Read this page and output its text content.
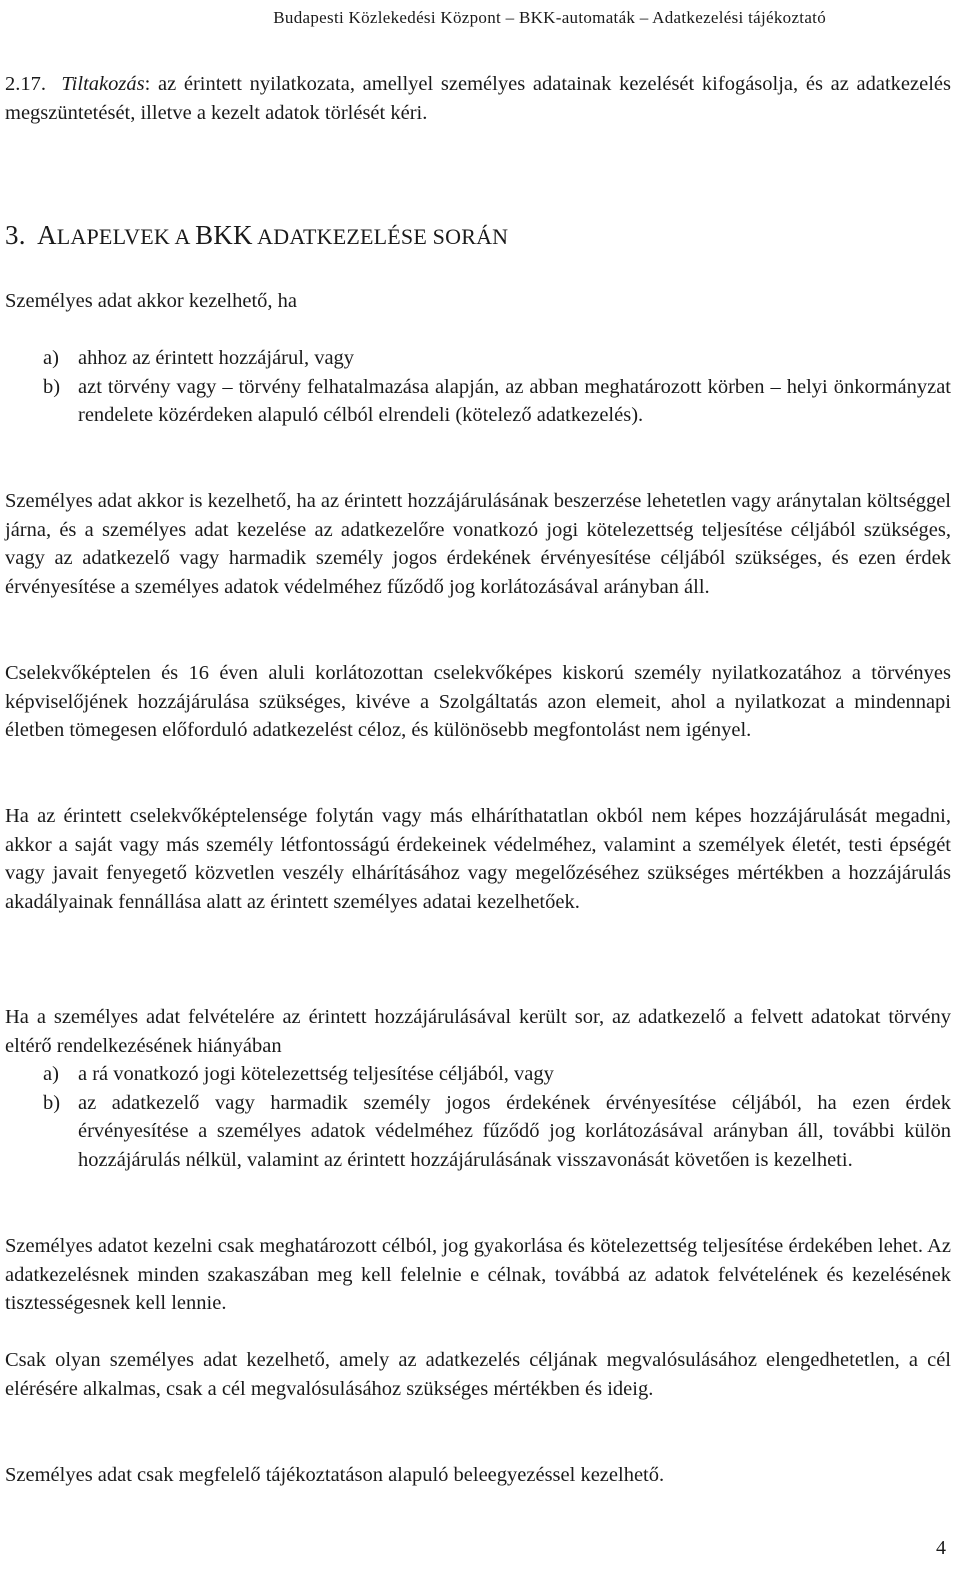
Budapesti Közlekedési Központ – BKK-automaták – Adatkezelési tájékoztató
2.17. Tiltakozás: az érintett nyilatkozata, amellyel személyes adatainak kezelését kifogásolja, és az adatkezelés megszüntetését, illetve a kezelt adatok törlését kéri.
3. ALAPELVEK A BKK ADATKEZELÉSE SORÁN
Személyes adat akkor kezelhető, ha
a) ahhoz az érintett hozzájárul, vagy
b) azt törvény vagy – törvény felhatalmazása alapján, az abban meghatározott körben – helyi önkormányzat rendelete közérdeken alapuló célból elrendeli (kötelező adatkezelés).
Személyes adat akkor is kezelhető, ha az érintett hozzájárulásának beszerzése lehetetlen vagy aránytalan költséggel járna, és a személyes adat kezelése az adatkezelőre vonatkozó jogi kötelezettség teljesítése céljából szükséges, vagy az adatkezelő vagy harmadik személy jogos érdekének érvényesítése céljából szükséges, és ezen érdek érvényesítése a személyes adatok védelméhez fűződő jog korlátozásával arányban áll.
Cselekvőképtelen és 16 éven aluli korlátozottan cselekvőképes kiskorú személy nyilatkozatához a törvényes képviselőjének hozzájárulása szükséges, kivéve a Szolgáltatás azon elemeit, ahol a nyilatkozat a mindennapi életben tömegesen előforduló adatkezelést céloz, és különösebb megfontolást nem igényel.
Ha az érintett cselekvőképtelensége folytán vagy más elháríthatatlan okból nem képes hozzájárulását megadni, akkor a saját vagy más személy létfontosságú érdekeinek védelméhez, valamint a személyek életét, testi épségét vagy javait fenyegető közvetlen veszély elhárításához vagy megelőzéséhez szükséges mértékben a hozzájárulás akadályainak fennállása alatt az érintett személyes adatai kezelhetőek.
Ha a személyes adat felvételére az érintett hozzájárulásával került sor, az adatkezelő a felvett adatokat törvény eltérő rendelkezésének hiányában
a) a rá vonatkozó jogi kötelezettség teljesítése céljából, vagy
b) az adatkezelő vagy harmadik személy jogos érdekének érvényesítése céljából, ha ezen érdek érvényesítése a személyes adatok védelméhez fűződő jog korlátozásával arányban áll, további külön hozzájárulás nélkül, valamint az érintett hozzájárulásának visszavonását követően is kezelheti.
Személyes adatot kezelni csak meghatározott célból, jog gyakorlása és kötelezettség teljesítése érdekében lehet. Az adatkezelésnek minden szakaszában meg kell felelnie e célnak, továbbá az adatok felvételének és kezelésének tisztességesnek kell lennie.
Csak olyan személyes adat kezelhető, amely az adatkezelés céljának megvalósulásához elengedhetetlen, a cél elérésére alkalmas, csak a cél megvalósulásához szükséges mértékben és ideig.
Személyes adat csak megfelelő tájékoztatáson alapuló beleegyezéssel kezelhető.
4
